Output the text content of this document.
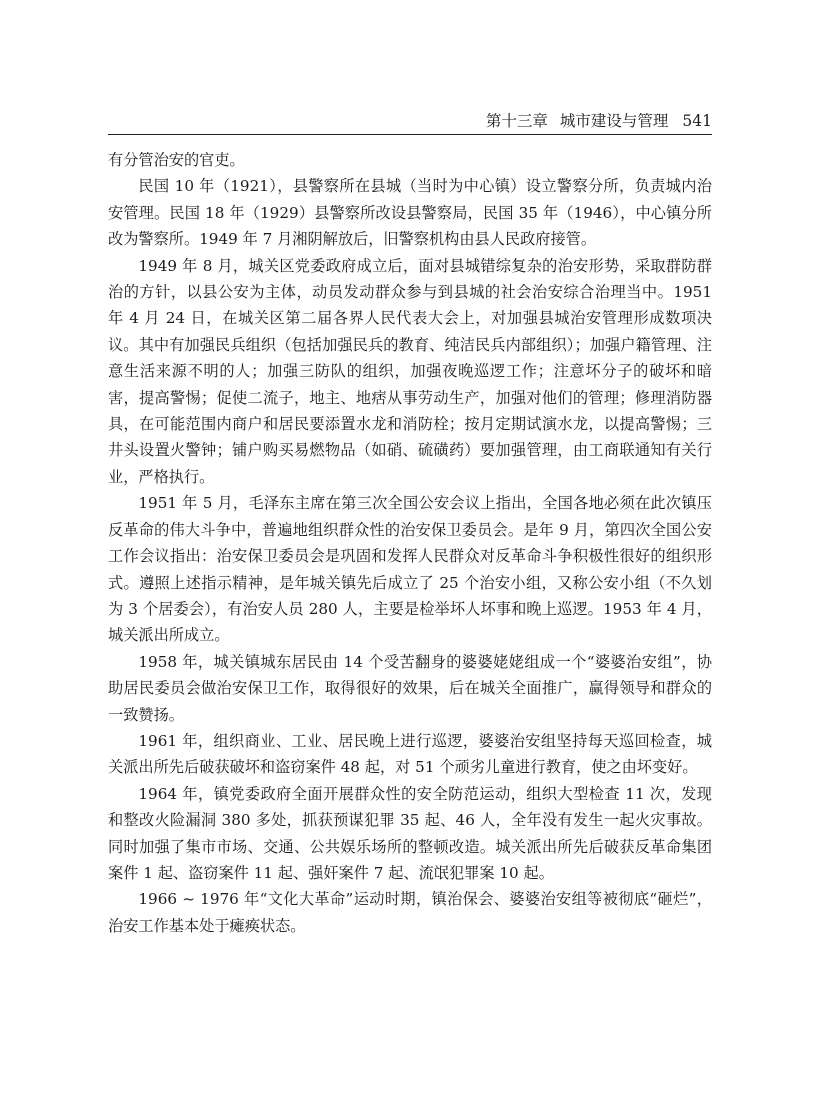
第十三章 城市建设与管理 541

有分管治安的官吏。

民国 10 年（1921），县警察所在县城（当时为中心镇）设立警察分所，负责城内治安管理。民国 18 年（1929）县警察所改设县警察局，民国 35 年（1946），中心镇分所改为警察所。1949 年 7 月湘阴解放后，旧警察机构由县人民政府接管。

1949 年 8 月，城关区党委政府成立后，面对县城错综复杂的治安形势，采取群防群治的方针，以县公安为主体，动员发动群众参与到县城的社会治安综合治理当中。1951 年 4 月 24 日，在城关区第二届各界人民代表大会上，对加强县城治安管理形成数项决议。其中有加强民兵组织（包括加强民兵的教育、纯洁民兵内部组织）；加强户籍管理、注意生活来源不明的人；加强三防队的组织，加强夜晚巡逻工作；注意坏分子的破坏和暗害，提高警惕；促使二流子，地主、地痞从事劳动生产，加强对他们的管理；修理消防器具，在可能范围内商户和居民要添置水龙和消防栓；按月定期试演水龙，以提高警惕；三井头设置火警钟；铺户购买易燃物品（如硝、硫磺药）要加强管理，由工商联通知有关行业，严格执行。

1951 年 5 月，毛泽东主席在第三次全国公安会议上指出，全国各地必须在此次镇压反革命的伟大斗争中，普遍地组织群众性的治安保卫委员会。是年 9 月，第四次全国公安工作会议指出：治安保卫委员会是巩固和发挥人民群众对反革命斗争积极性很好的组织形式。遵照上述指示精神，是年城关镇先后成立了 25 个治安小组，又称公安小组（不久划为 3 个居委会），有治安人员 280 人，主要是检举坏人坏事和晚上巡逻。1953 年 4 月，城关派出所成立。

1958 年，城关镇城东居民由 14 个受苦翻身的婆婆姥姥组成一个“婆婆治安组”，协助居民委员会做治安保卫工作，取得很好的效果，后在城关全面推广，赢得领导和群众的一致赞扬。

1961 年，组织商业、工业、居民晚上进行巡逻，婆婆治安组坚持每天巡回检查，城关派出所先后破获破坏和盗窃案件 48 起，对 51 个顽劣儿童进行教育，使之由坏变好。

1964 年，镇党委政府全面开展群众性的安全防范运动，组织大型检查 11 次，发现和整改火险漏洞 380 多处，抓获预谋犯罪 35 起、46 人，全年没有发生一起火灾事故。同时加强了集市市场、交通、公共娱乐场所的整顿改造。城关派出所先后破获反革命集团案件 1 起、盗窃案件 11 起、强奸案件 7 起、流氓犯罪案 10 起。

1966 ~ 1976 年“文化大革命”运动时期，镇治保会、婆婆治安组等被彻底“砸烂”，治安工作基本处于瘫痪状态。
